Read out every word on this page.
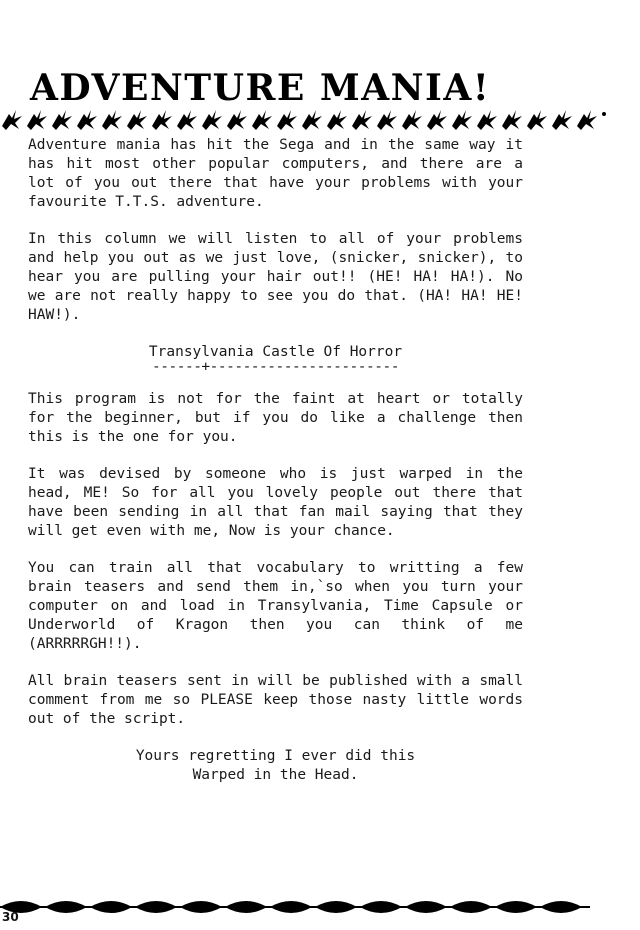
ADVENTURE MANIA!

Adventure mania has hit the Sega and in the same way it has hit most other popular computers, and there are a lot of you out there that have your problems with your favourite T.T.S. adventure.

In this column we will listen to all of your problems and help you out as we just love, (snicker, snicker), to hear you are pulling your hair out!! (HE! HA! HA!). No we are not really happy to see you do that. (HA! HA! HE! HAW!).

Transylvania Castle Of Horror
------+-----------------------

This program is not for the faint at heart or totally for the beginner, but if you do like a challenge then this is the one for you.

It was devised by someone who is just warped in the head, ME! So for all you lovely people out there that have been sending in all that fan mail saying that they will get even with me, Now is your chance.

You can train all that vocabulary to writting a few brain teasers and send them in,`so when you turn your computer on and load in Transylvania, Time Capsule or Underworld of Kragon then you can think of me (ARRRRRGH!!).

All brain teasers sent in will be published with a small comment from me so PLEASE keep those nasty little words out of the script.

Yours regretting I ever did this
Warped in the Head.
30
